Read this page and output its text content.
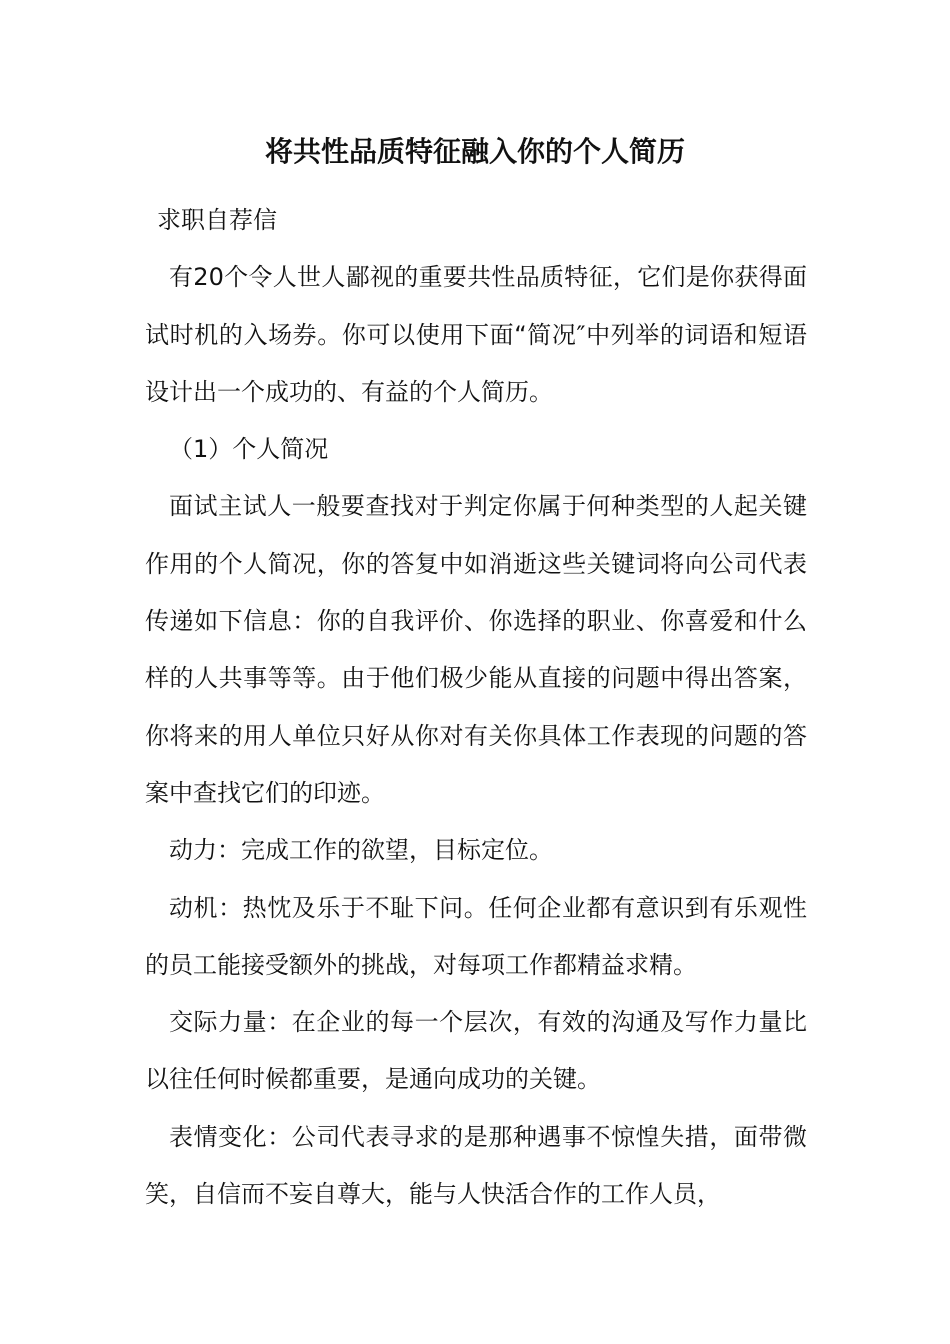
将共性品质特征融入你的个人简历

求职自荐信

有20个令人世人鄙视的重要共性品质特征，它们是你获得面试时机的入场券。你可以使用下面“简况″中列举的词语和短语设计出一个成功的、有益的个人简历。

（1）个人简况

面试主试人一般要查找对于判定你属于何种类型的人起关键作用的个人简况，你的答复中如消逝这些关键词将向公司代表传递如下信息：你的自我评价、你选择的职业、你喜爱和什么样的人共事等等。由于他们极少能从直接的问题中得出答案，你将来的用人单位只好从你对有关你具体工作表现的问题的答案中查找它们的印迹。

动力：完成工作的欲望，目标定位。

动机：热忱及乐于不耻下问。任何企业都有意识到有乐观性的员工能接受额外的挑战，对每项工作都精益求精。

交际力量：在企业的每一个层次，有效的沟通及写作力量比以往任何时候都重要，是通向成功的关键。

表情变化：公司代表寻求的是那种遇事不惊惶失措，面带微笑，自信而不妄自尊大，能与人快活合作的工作人员，
